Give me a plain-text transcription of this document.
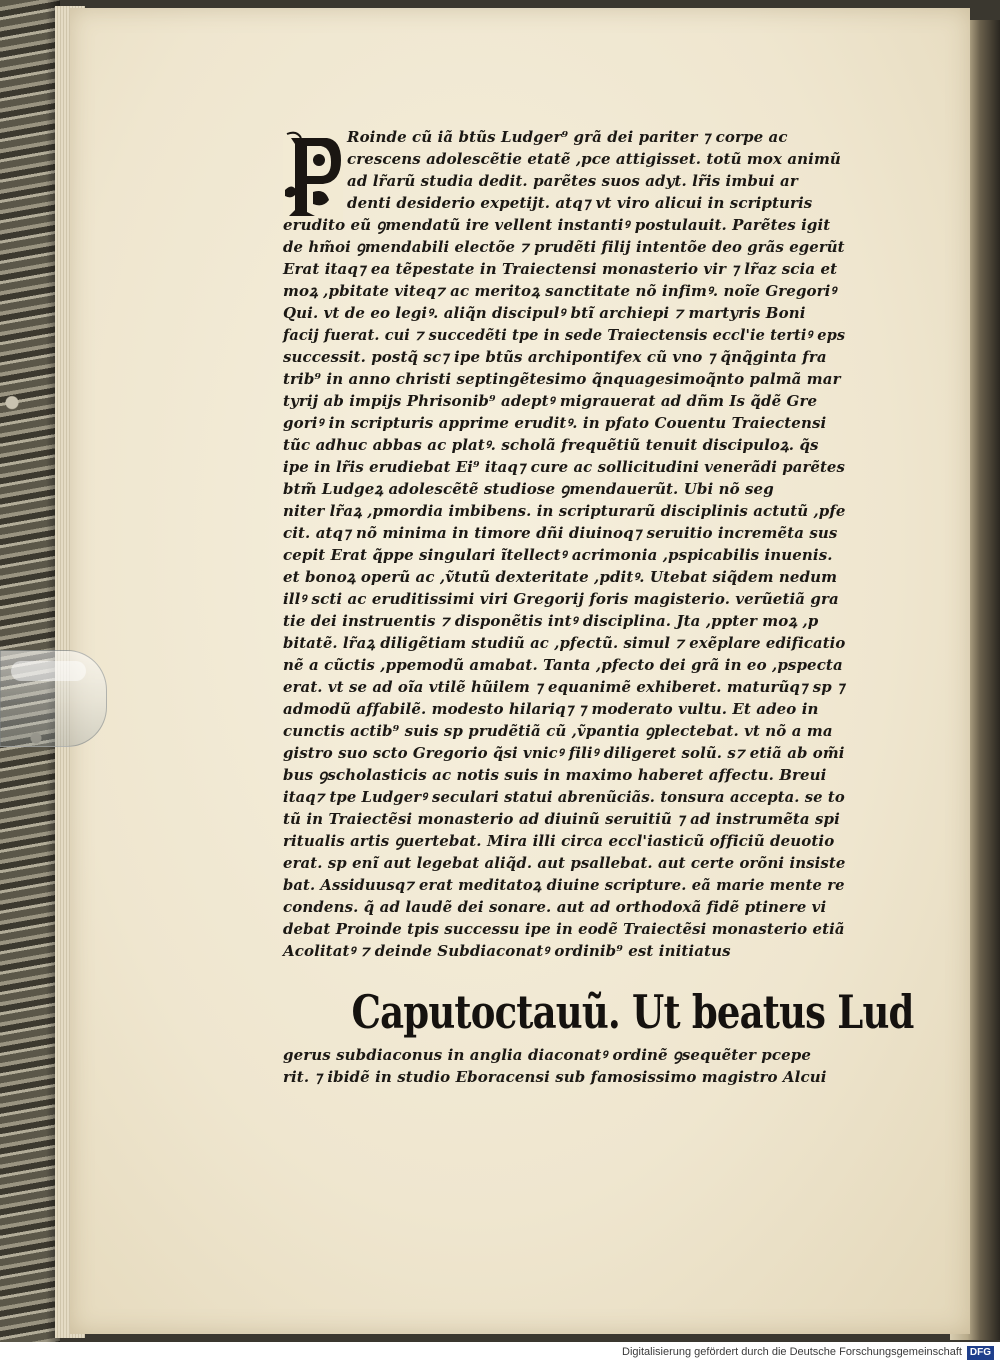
Roinde cũ iã btũs Ludger⁹ grã dei pariter ⁊ corpe ac
crescens adolescẽtie etatẽ ,pce attigisset. totũ mox animũ
ad lr̃arũ studia dedit. parẽtes suos adyt. lr̃is imbui ar
denti desiderio expetijt. atq⁊ vt viro alicui in scripturis
erudito eũ ꝯmendatũ ire vellent instantiꝰ postulauit. Parẽtes igit
de hm̃oi ꝯmendabili electõe ⁊ prudẽti filij intentõe deo grãs egerũt
Erat itaq⁊ ea tẽpestate in Traiectensi monasterio vir ⁊ lr̃az scia et
moꝝ ,pbitate viteq⁊ ac meritoꝝ sanctitate nõ infimꝰ. noĩe Gregoriꝰ
Qui. vt de eo legiꝰ. aliq̃n discipulꝰ btĩ archiepi ⁊ martyris Boni
facij fuerat. cui ⁊ succedẽti tpe in sede Traiectensis eccl'ie tertiꝰ eps
successit. postq̃ sc⁊ ipe btũs archipontifex cũ vno ⁊ q̃nq̃ginta fra
trib⁹ in anno christi septingẽtesimo q̃nquagesimoq̃nto palmã mar
tyrij ab impijs Phrisonib⁹ adeptꝰ migrauerat ad dñm Is q̃dẽ Gre
goriꝰ in scripturis apprime eruditꝰ. in pfato Couentu Traiectensi
tũc adhuc abbas ac platꝰ. scholã frequẽtiũ tenuit discipuloꝝ. q̃s
ipe in lr̃is erudiebat Ei⁹ itaq⁊ cure ac sollicitudini venerãdi parẽtes
btm̃ Ludgeꝝ adolescẽtẽ studiose ꝯmendauerũt. Ubi nõ seg
niter lr̃aꝝ ,pmordia imbibens. in scripturarũ disciplinis actutũ ,pfe
cit. atq⁊ nõ minima in timore dñi diuinoq⁊ seruitio incremẽta sus
cepit Erat q̃ppe singulari ĩtellectꝰ acrimonia ,pspicabilis inuenis.
et bonoꝝ operũ ac ,ṽtutũ dexteritate ,pditꝰ. Utebat siq̃dem nedum
illꝰ scti ac eruditissimi viri Gregorij foris magisterio. verũetiã gra
tie dei instruentis ⁊ disponẽtis intꝰ disciplina. Jta ,ppter moꝝ ,p
bitatẽ. lr̃aꝝ diligẽtiam studiũ ac ,pfectũ. simul ⁊ exẽplare edificatio
nẽ a cũctis ,ppemodũ amabat. Tanta ,pfecto dei grã in eo ,pspecta
erat. vt se ad oĩa vtilẽ hũilem ⁊ equanimẽ exhiberet. maturũq⁊ sp ⁊
admodũ affabilẽ. modesto hilariq⁊ ⁊ moderato vultu. Et adeo in
cunctis actib⁹ suis sp prudẽtiã cũ ,ṽpantia ꝯplectebat. vt nõ a ma
gistro suo scto Gregorio q̃si vnicꝰ filiꝰ diligeret solũ. s⁊ etiã ab om̃i
bus ꝯscholasticis ac notis suis in maximo haberet affectu. Breui
itaq⁊ tpe Ludgerꝰ seculari statui abrenũciãs. tonsura accepta. se to
tũ in Traiectẽsi monasterio ad diuinũ seruitiũ ⁊ ad instrumẽta spi
ritualis artis ꝯuertebat. Mira illi circa eccl'iasticũ officiũ deuotio
erat. sp enĩ aut legebat aliq̃d. aut psallebat. aut certe orõni insiste
bat. Assiduusq⁊ erat meditatoꝝ diuine scripture. eã marie mente re
condens. q̃ ad laudẽ dei sonare. aut ad orthodoxã fidẽ ptinere vi
debat Proinde tpis successu ipe in eodẽ Traiectẽsi monasterio etiã
Acolitatꝰ ⁊ deinde Subdiaconatꝰ ordinib⁹ est initiatus
Caputoctauũ. Ut beatus Lud
gerus subdiaconus in anglia diaconatꝰ ordinẽ ꝯsequẽter pcepe
rit. ⁊ ibidẽ in studio Eboracensi sub famosissimo magistro Alcui
Digitalisierung gefördert durch die Deutsche Forschungsgemeinschaft DFG
